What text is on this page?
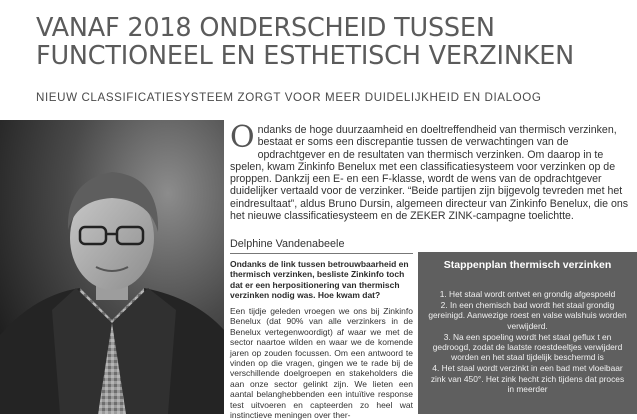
VANAF 2018 ONDERSCHEID TUSSEN
FUNCTIONEEL EN ESTHETISCH VERZINKEN
NIEUW CLASSIFICATIESYSTEEM ZORGT VOOR MEER DUIDELIJKHEID EN DIALOOG
Ondanks de hoge duurzaamheid en doeltreffendheid van thermisch verzinken, bestaat er soms een discrepantie tussen de verwachtingen van de opdrachtgever en de resultaten van thermisch verzinken. Om daarop in te spelen, kwam Zinkinfo Benelux met een classificatiesysteem voor verzinken op de proppen. Dankzij een E- en een F-klasse, wordt de wens van de opdrachtgever duidelijker vertaald voor de verzinker. “Beide partijen zijn bijgevolg tevreden met het eindresultaat”, aldus Bruno Dursin, algemeen directeur van Zinkinfo Benelux, die ons het nieuwe classificatiesysteem en de ZEKER ZINK-campagne toelichtte.
Delphine Vandenabeele
Ondanks de link tussen betrouwbaarheid en thermisch verzinken, besliste Zinkinfo toch dat er een herpositionering van thermisch verzinken nodig was. Hoe kwam dat?
Een tijdje geleden vroegen we ons bij Zinkinfo Benelux (dat 90% van alle verzinkers in de Benelux vertegenwoordigt) af waar we met de sector naartoe wilden en waar we de komende jaren op zouden focussen. Om een antwoord te vinden op die vragen, gingen we te rade bij de verschillende doelgroepen en stakeholders die aan onze sector gelinkt zijn. We lieten een aantal belanghebbenden een intuïtive response test uitvoeren en capteerden zo heel wat instinctieve meningen over ther-
Stappenplan thermisch verzinken
1. Het staal wordt ontvet en grondig afgespoeld
2. In een chemisch bad wordt het staal grondig gereinigd. Aanwezige roest en valse walshuis worden verwijderd.
3. Na een spoeling wordt het staal geflux t en gedroogd, zodat de laatste roestdeeltjes verwijderd worden en het staal tijdelijk beschermd is
4. Het staal wordt verzinkt in een bad met vloeibaar zink van 450°. Het zink hecht zich tijdens dat proces in meerder
